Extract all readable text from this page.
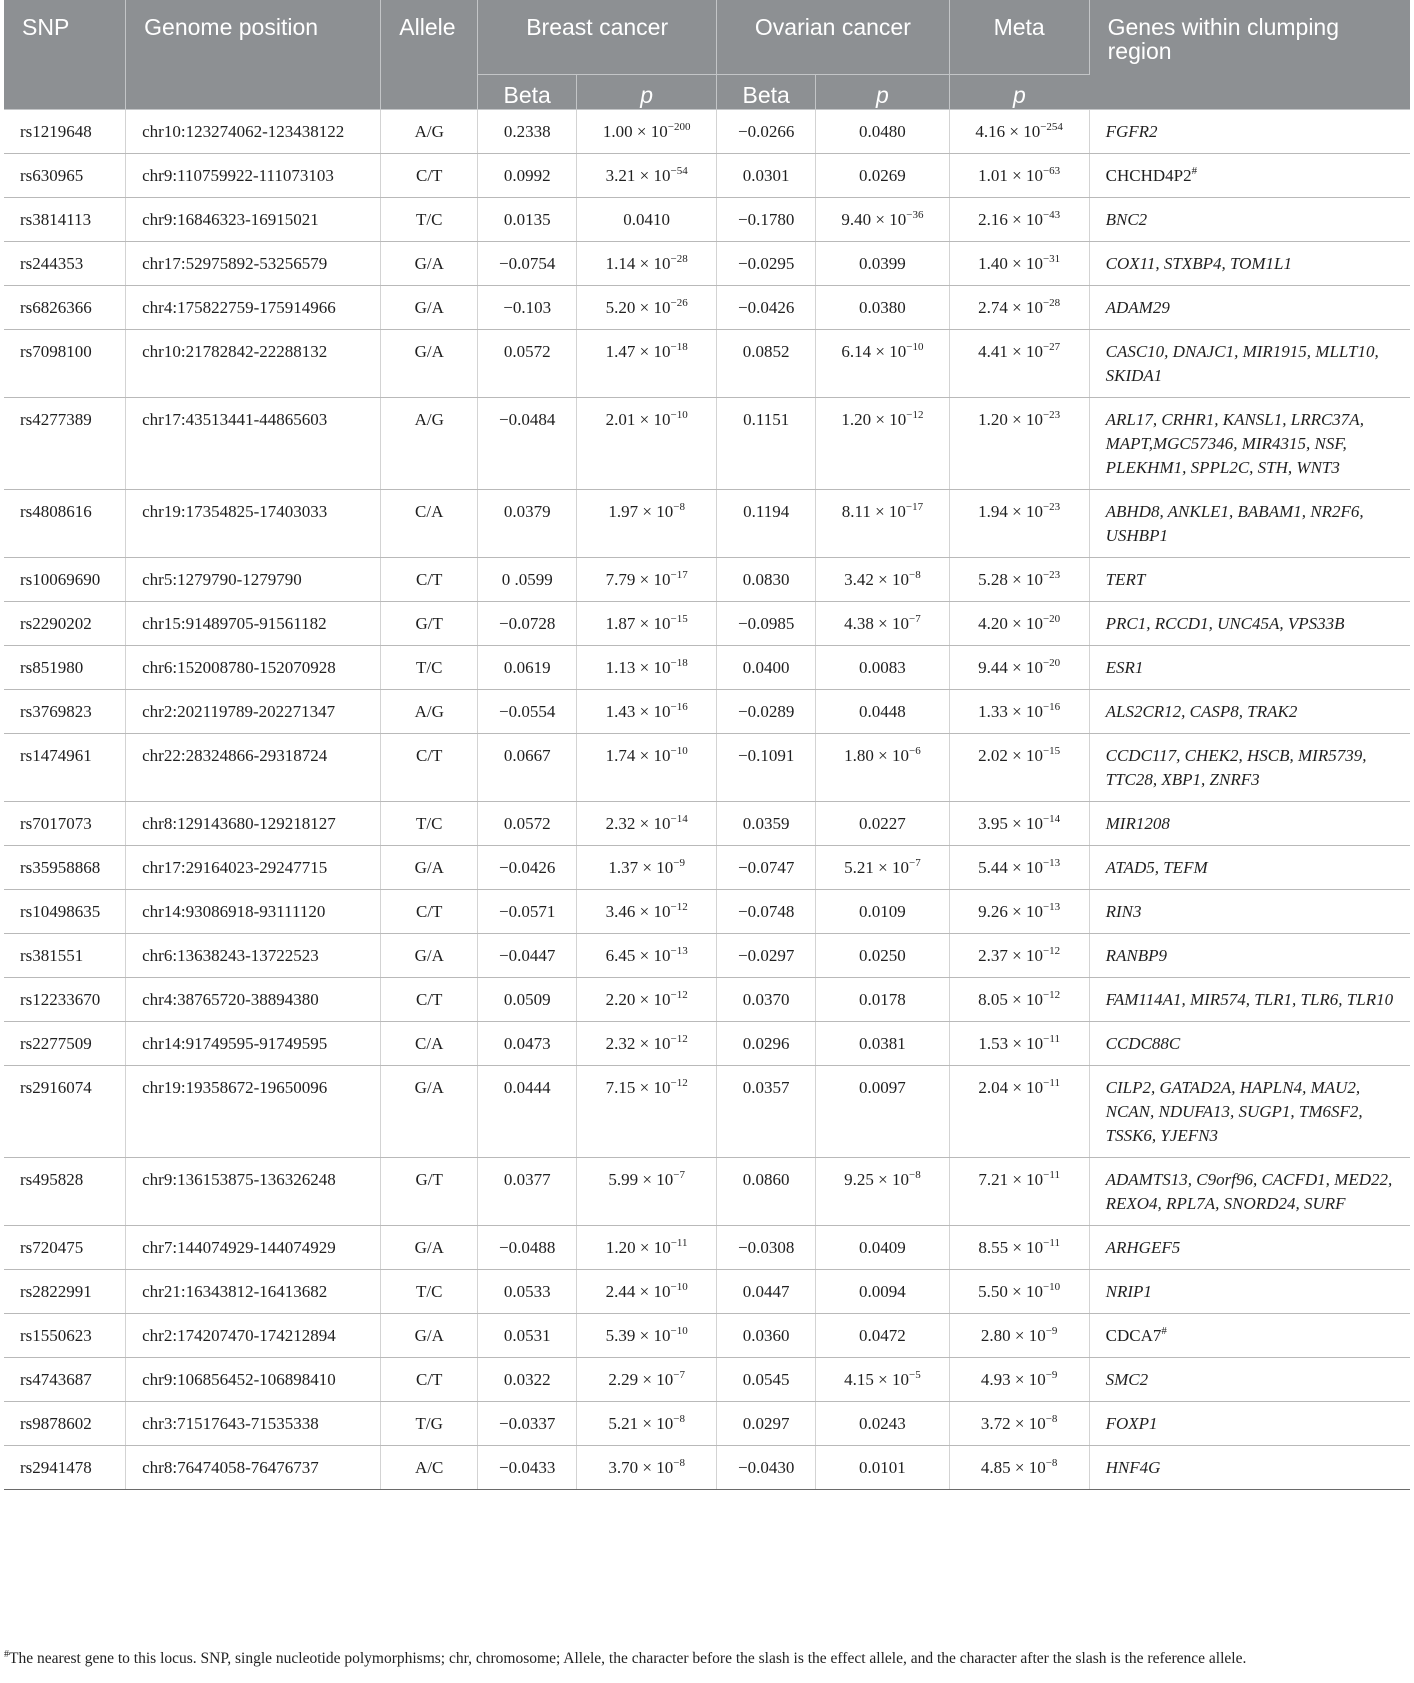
SNP	Genome position	Allele	Breast cancer		Ovarian cancer		Meta	Genes within clumping region
			Beta	p	Beta	p	p	
rs1219648	chr10:123274062-123438122	A/G	0.2338	$1.00 \times 10^{-200}$	−0.0266	0.0480	$4.16 \times 10^{-254}$	FGFR2
rs630965	chr9:110759922-111073103	C/T	0.0992	$3.21 \times 10^{-54}$	0.0301	0.0269	$1.01 \times 10^{-63}$	CHCHD4P2#
rs3814113	chr9:16846323-16915021	T/C	0.0135	0.0410	−0.1780	$9.40 \times 10^{-36}$	$2.16 \times 10^{-43}$	BNC2
rs244353	chr17:52975892-53256579	G/A	−0.0754	$1.14 \times 10^{-28}$	−0.0295	0.0399	$1.40 \times 10^{-31}$	COX11, STXBP4, TOM1L1
rs6826366	chr4:175822759-175914966	G/A	−0.103	$5.20 \times 10^{-26}$	−0.0426	0.0380	$2.74 \times 10^{-28}$	ADAM29
rs7098100	chr10:21782842-22288132	G/A	0.0572	$1.47 \times 10^{-18}$	0.0852	$6.14 \times 10^{-10}$	$4.41 \times 10^{-27}$	CASC10, DNAJC1, MIR1915, MLLT10, SKIDA1
rs4277389	chr17:43513441-44865603	A/G	−0.0484	$2.01 \times 10^{-10}$	0.1151	$1.20 \times 10^{-12}$	$1.20 \times 10^{-23}$	ARL17, CRHR1, KANSL1, LRRC37A, MAPT,MGC57346, MIR4315, NSF, PLEKHM1, SPPL2C, STH, WNT3
rs4808616	chr19:17354825-17403033	C/A	0.0379	$1.97 \times 10^{-8}$	0.1194	$8.11 \times 10^{-17}$	$1.94 \times 10^{-23}$	ABHD8, ANKLE1, BABAM1, NR2F6, USHBP1
rs10069690	chr5:1279790-1279790	C/T	0 .0599	$7.79 \times 10^{-17}$	0.0830	$3.42 \times 10^{-8}$	$5.28 \times 10^{-23}$	TERT
rs2290202	chr15:91489705-91561182	G/T	−0.0728	$1.87 \times 10^{-15}$	−0.0985	$4.38 \times 10^{-7}$	$4.20 \times 10^{-20}$	PRC1, RCCD1, UNC45A, VPS33B
rs851980	chr6:152008780-152070928	T/C	0.0619	$1.13 \times 10^{-18}$	0.0400	0.0083	$9.44 \times 10^{-20}$	ESR1
rs3769823	chr2:202119789-202271347	A/G	−0.0554	$1.43 \times 10^{-16}$	−0.0289	0.0448	$1.33 \times 10^{-16}$	ALS2CR12, CASP8, TRAK2
rs1474961	chr22:28324866-29318724	C/T	0.0667	$1.74 \times 10^{-10}$	−0.1091	$1.80 \times 10^{-6}$	$2.02 \times 10^{-15}$	CCDC117, CHEK2, HSCB, MIR5739, TTC28, XBP1, ZNRF3
rs7017073	chr8:129143680-129218127	T/C	0.0572	$2.32 \times 10^{-14}$	0.0359	0.0227	$3.95 \times 10^{-14}$	MIR1208
rs35958868	chr17:29164023-29247715	G/A	−0.0426	$1.37 \times 10^{-9}$	−0.0747	$5.21 \times 10^{-7}$	$5.44 \times 10^{-13}$	ATAD5, TEFM
rs10498635	chr14:93086918-93111120	C/T	−0.0571	$3.46 \times 10^{-12}$	−0.0748	0.0109	$9.26 \times 10^{-13}$	RIN3
rs381551	chr6:13638243-13722523	G/A	−0.0447	$6.45 \times 10^{-13}$	−0.0297	0.0250	$2.37 \times 10^{-12}$	RANBP9
rs12233670	chr4:38765720-38894380	C/T	0.0509	$2.20 \times 10^{-12}$	0.0370	0.0178	$8.05 \times 10^{-12}$	FAM114A1, MIR574, TLR1, TLR6, TLR10
rs2277509	chr14:91749595-91749595	C/A	0.0473	$2.32 \times 10^{-12}$	0.0296	0.0381	$1.53 \times 10^{-11}$	CCDC88C
rs2916074	chr19:19358672-19650096	G/A	0.0444	$7.15 \times 10^{-12}$	0.0357	0.0097	$2.04 \times 10^{-11}$	CILP2, GATAD2A, HAPLN4, MAU2, NCAN, NDUFA13, SUGP1, TM6SF2, TSSK6, YJEFN3
rs495828	chr9:136153875-136326248	G/T	0.0377	$5.99 \times 10^{-7}$	0.0860	$9.25 \times 10^{-8}$	$7.21 \times 10^{-11}$	ADAMTS13, C9orf96, CACFD1, MED22, REXO4, RPL7A, SNORD24, SURF
rs720475	chr7:144074929-144074929	G/A	−0.0488	$1.20 \times 10^{-11}$	−0.0308	0.0409	$8.55 \times 10^{-11}$	ARHGEF5
rs2822991	chr21:16343812-16413682	T/C	0.0533	$2.44 \times 10^{-10}$	0.0447	0.0094	$5.50 \times 10^{-10}$	NRIP1
rs1550623	chr2:174207470-174212894	G/A	0.0531	$5.39 \times 10^{-10}$	0.0360	0.0472	$2.80 \times 10^{-9}$	CDCA7#
rs4743687	chr9:106856452-106898410	C/T	0.0322	$2.29 \times 10^{-7}$	0.0545	$4.15 \times 10^{-5}$	$4.93 \times 10^{-9}$	SMC2
rs9878602	chr3:71517643-71535338	T/G	−0.0337	$5.21 \times 10^{-8}$	0.0297	0.0243	$3.72 \times 10^{-8}$	FOXP1
rs2941478	chr8:76474058-76476737	A/C	−0.0433	$3.70 \times 10^{-8}$	−0.0430	0.0101	$4.85 \times 10^{-8}$	HNF4G
#The nearest gene to this locus. SNP, single nucleotide polymorphisms; chr, chromosome; Allele, the character before the slash is the effect allele, and the character after the slash is the reference allele.
